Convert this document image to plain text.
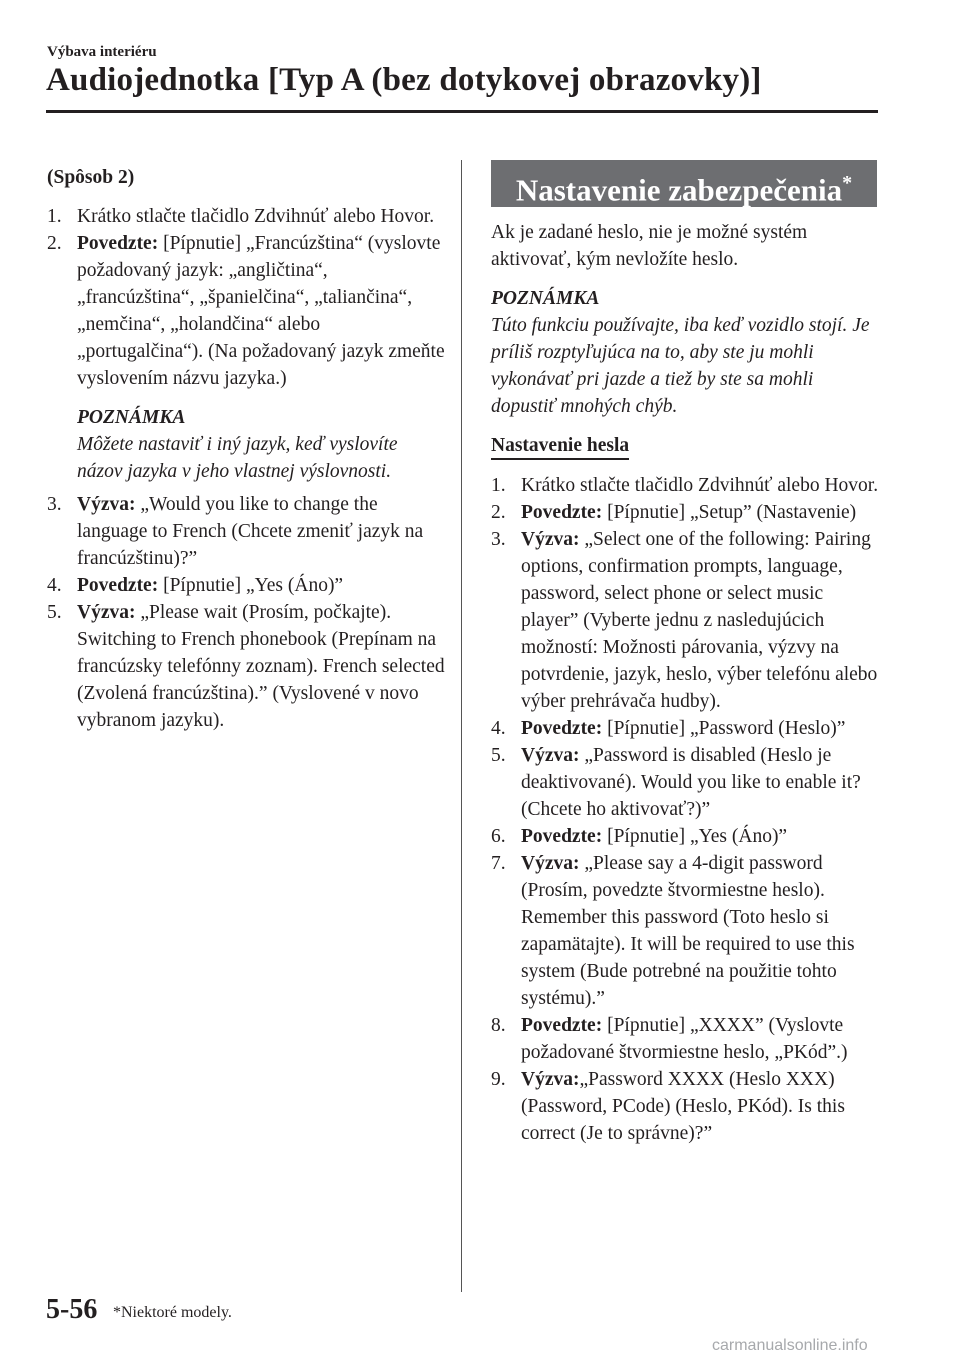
Výbava interiéru
Audiojednotka [Typ A (bez dotykovej obrazovky)]
(Spôsob 2)
1. Krátko stlačte tlačidlo Zdvihnúť alebo Hovor.
2. Povedzte: [Pípnutie] „Francúzština“ (vyslovte požadovaný jazyk: „angličtina“, „francúzština“, „španielčina“, „taliančina“, „nemčina“, „holandčina“ alebo „portugalčina“). (Na požadovaný jazyk zmeňte vyslovením názvu jazyka.)
POZNÁMKA
Môžete nastaviť i iný jazyk, keď vyslovíte názov jazyka v jeho vlastnej výslovnosti.
3. Výzva: „Would you like to change the language to French (Chcete zmeniť jazyk na francúzštinu)?”
4. Povedzte: [Pípnutie] „Yes (Áno)”
5. Výzva: „Please wait (Prosím, počkajte). Switching to French phonebook (Prepínam na francúzsky telefónny zoznam). French selected (Zvolená francúzština).” (Vyslovené v novo vybranom jazyku).
Nastavenie zabezpečenia*
Ak je zadané heslo, nie je možné systém aktivovať, kým nevložíte heslo.
POZNÁMKA
Túto funkciu používajte, iba keď vozidlo stojí. Je príliš rozptyľujúca na to, aby ste ju mohli vykonávať pri jazde a tiež by ste sa mohli dopustiť mnohých chýb.
Nastavenie hesla
1. Krátko stlačte tlačidlo Zdvihnúť alebo Hovor.
2. Povedzte: [Pípnutie] „Setup” (Nastavenie)
3. Výzva: „Select one of the following: Pairing options, confirmation prompts, language, password, select phone or select music player” (Vyberte jednu z nasledujúcich možností: Možnosti párovania, výzvy na potvrdenie, jazyk, heslo, výber telefónu alebo výber prehrávača hudby).
4. Povedzte: [Pípnutie] „Password (Heslo)”
5. Výzva: „Password is disabled (Heslo je deaktivované). Would you like to enable it? (Chcete ho aktivovať?)”
6. Povedzte: [Pípnutie] „Yes (Áno)”
7. Výzva: „Please say a 4-digit password (Prosím, povedzte štvormiestne heslo). Remember this password (Toto heslo si zapamätajte). It will be required to use this system (Bude potrebné na použitie tohto systému).”
8. Povedzte: [Pípnutie] „XXXX” (Vyslovte požadované štvormiestne heslo, „PKód”.)
9. Výzva:„Password XXXX (Heslo XXX) (Password, PCode) (Heslo, PKód). Is this correct (Je to správne)?”
5-56 *Niektoré modely.
carmanualsonline.info
